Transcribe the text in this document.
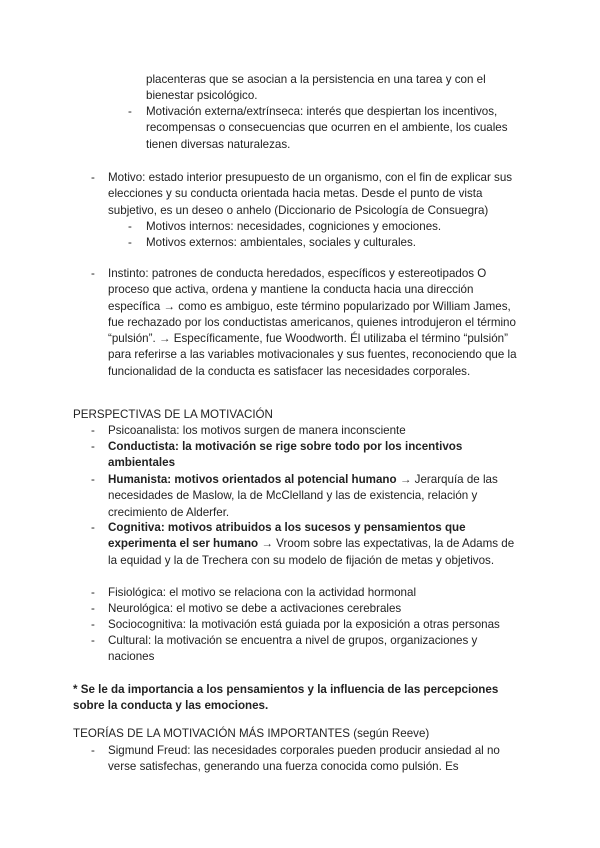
placenteras que se asocian a la persistencia en una tarea y con el bienestar psicológico.

-	Motivación externa/extrínseca: interés que despiertan los incentivos, recompensas o consecuencias que ocurren en el ambiente, los cuales tienen diversas naturalezas.

-	Motivo: estado interior presupuesto de un organismo, con el fin de explicar sus elecciones y su conducta orientada hacia metas. Desde el punto de vista subjetivo, es un deseo o anhelo (Diccionario de Psicología de Consuegra)

-	Motivos internos: necesidades, cogniciones y emociones.
-	Motivos externos: ambientales, sociales y culturales.
-	Instinto: patrones de conducta heredados, específicos y estereotipados O proceso que activa, ordena y mantiene la conducta hacia una dirección específica → como es ambiguo, este término popularizado por William James, fue rechazado por los conductistas americanos, quienes introdujeron el término “pulsión”. → Específicamente, fue Woodworth. Él utilizaba el término “pulsión” para referirse a las variables motivacionales y sus fuentes, reconociendo que la funcionalidad de la conducta es satisfacer las necesidades corporales.

PERSPECTIVAS DE LA MOTIVACIÓN
- Psicoanalista: los motivos surgen de manera inconsciente
- Conductista: la motivación se rige sobre todo por los incentivos ambientales
- Humanista: motivos orientados al potencial humano → Jerarquía de las necesidades de Maslow, la de McClelland y las de existencia, relación y crecimiento de Alderfer.
- Cognitiva: motivos atribuidos a los sucesos y pensamientos que experimenta el ser humano → Vroom sobre las expectativas, la de Adams de la equidad y la de Trechera con su modelo de fijación de metas y objetivos.
- Fisiológica: el motivo se relaciona con la actividad hormonal
- Neurológica: el motivo se debe a activaciones cerebrales
- Sociocognitiva: la motivación está guiada por la exposición a otras personas
- Cultural: la motivación se encuentra a nivel de grupos, organizaciones y naciones
* Se le da importancia a los pensamientos y la influencia de las percepciones sobre la conducta y las emociones.
TEORÍAS DE LA MOTIVACIÓN MÁS IMPORTANTES (según Reeve)
- Sigmund Freud: las necesidades corporales pueden producir ansiedad al no verse satisfechas, generando una fuerza conocida como pulsión. Es
